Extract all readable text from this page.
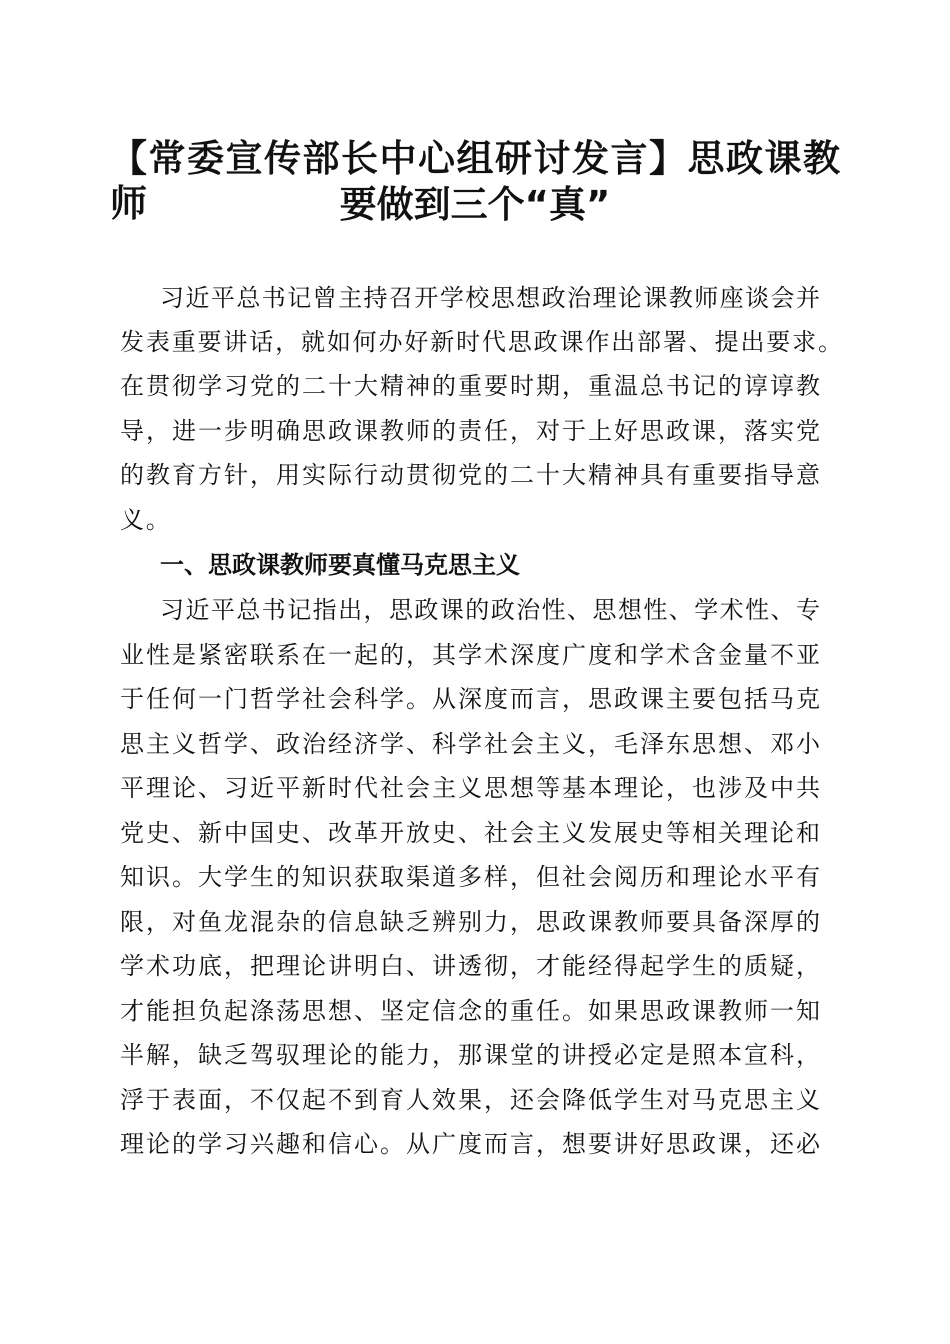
【常委宣传部长中心组研讨发言】思政课教师	要做到三个“真”
习近平总书记曾主持召开学校思想政治理论课教师座谈会并
发表重要讲话，就如何办好新时代思政课作出部署、提出要求。
在贯彻学习党的二十大精神的重要时期，重温总书记的谆谆教
导，进一步明确思政课教师的责任，对于上好思政课，落实党
的教育方针，用实际行动贯彻党的二十大精神具有重要指导意
义。
一、思政课教师要真懂马克思主义
习近平总书记指出，思政课的政治性、思想性、学术性、专
业性是紧密联系在一起的，其学术深度广度和学术含金量不亚
于任何一门哲学社会科学。从深度而言，思政课主要包括马克
思主义哲学、政治经济学、科学社会主义，毛泽东思想、邓小
平理论、习近平新时代社会主义思想等基本理论，也涉及中共
党史、新中国史、改革开放史、社会主义发展史等相关理论和
知识。大学生的知识获取渠道多样，但社会阅历和理论水平有
限，对鱼龙混杂的信息缺乏辨别力，思政课教师要具备深厚的
学术功底，把理论讲明白、讲透彻，才能经得起学生的质疑，
才能担负起涤荡思想、坚定信念的重任。如果思政课教师一知
半解，缺乏驾驭理论的能力，那课堂的讲授必定是照本宣科，
浮于表面，不仅起不到育人效果，还会降低学生对马克思主义
理论的学习兴趣和信心。从广度而言，想要讲好思政课，还必
